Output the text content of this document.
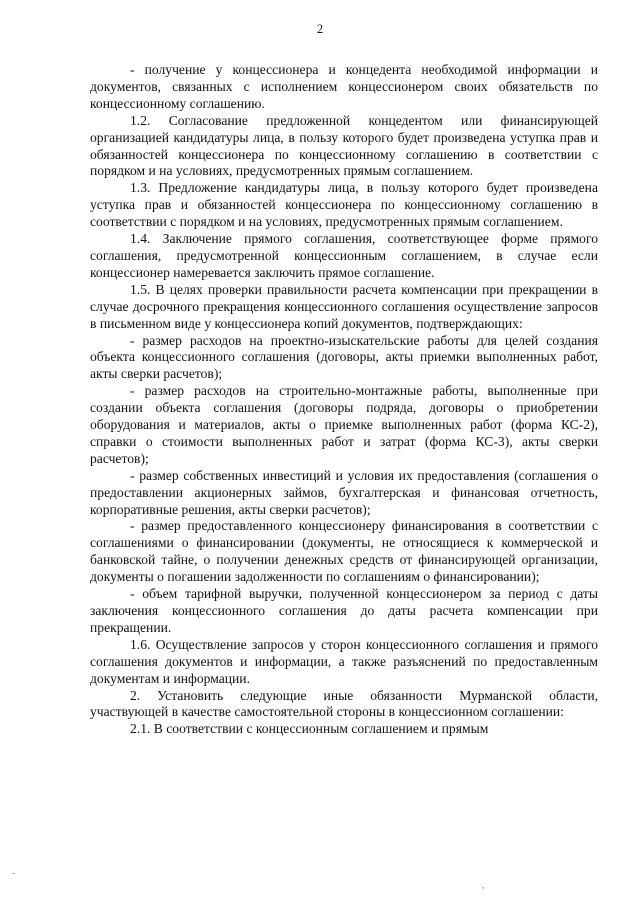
2

- получение у концессионера и концедента необходимой информации и документов, связанных с исполнением концессионером своих обязательств по концессионному соглашению.

1.2. Согласование предложенной концедентом или финансирующей организацией кандидатуры лица, в пользу которого будет произведена уступка прав и обязанностей концессионера по концессионному соглашению в соответствии с порядком и на условиях, предусмотренных прямым соглашением.

1.3. Предложение кандидатуры лица, в пользу которого будет произведена уступка прав и обязанностей концессионера по концессионному соглашению в соответствии с порядком и на условиях, предусмотренных прямым соглашением.

1.4. Заключение прямого соглашения, соответствующее форме прямого соглашения, предусмотренной концессионным соглашением, в случае если концессионер намеревается заключить прямое соглашение.

1.5. В целях проверки правильности расчета компенсации при прекращении в случае досрочного прекращения концессионного соглашения осуществление запросов в письменном виде у концессионера копий документов, подтверждающих:

- размер расходов на проектно-изыскательские работы для целей создания объекта концессионного соглашения (договоры, акты приемки выполненных работ, акты сверки расчетов);

- размер расходов на строительно-монтажные работы, выполненные при создании объекта соглашения (договоры подряда, договоры о приобретении оборудования и материалов, акты о приемке выполненных работ (форма КС-2), справки о стоимости выполненных работ и затрат (форма КС-3), акты сверки расчетов);

- размер собственных инвестиций и условия их предоставления (соглашения о предоставлении акционерных займов, бухгалтерская и финансовая отчетность, корпоративные решения, акты сверки расчетов);

- размер предоставленного концессионеру финансирования в соответствии с соглашениями о финансировании (документы, не относящиеся к коммерческой и банковской тайне, о получении денежных средств от финансирующей организации, документы о погашении задолженности по соглашениям о финансировании);

- объем тарифной выручки, полученной концессионером за период с даты заключения концессионного соглашения до даты расчета компенсации при прекращении.

1.6. Осуществление запросов у сторон концессионного соглашения и прямого соглашения документов и информации, а также разъяснений по предоставленным документам и информации.

2. Установить следующие иные обязанности Мурманской области, участвующей в качестве самостоятельной стороны в концессионном соглашении:

2.1. В соответствии с концессионным соглашением и прямым

-
,
